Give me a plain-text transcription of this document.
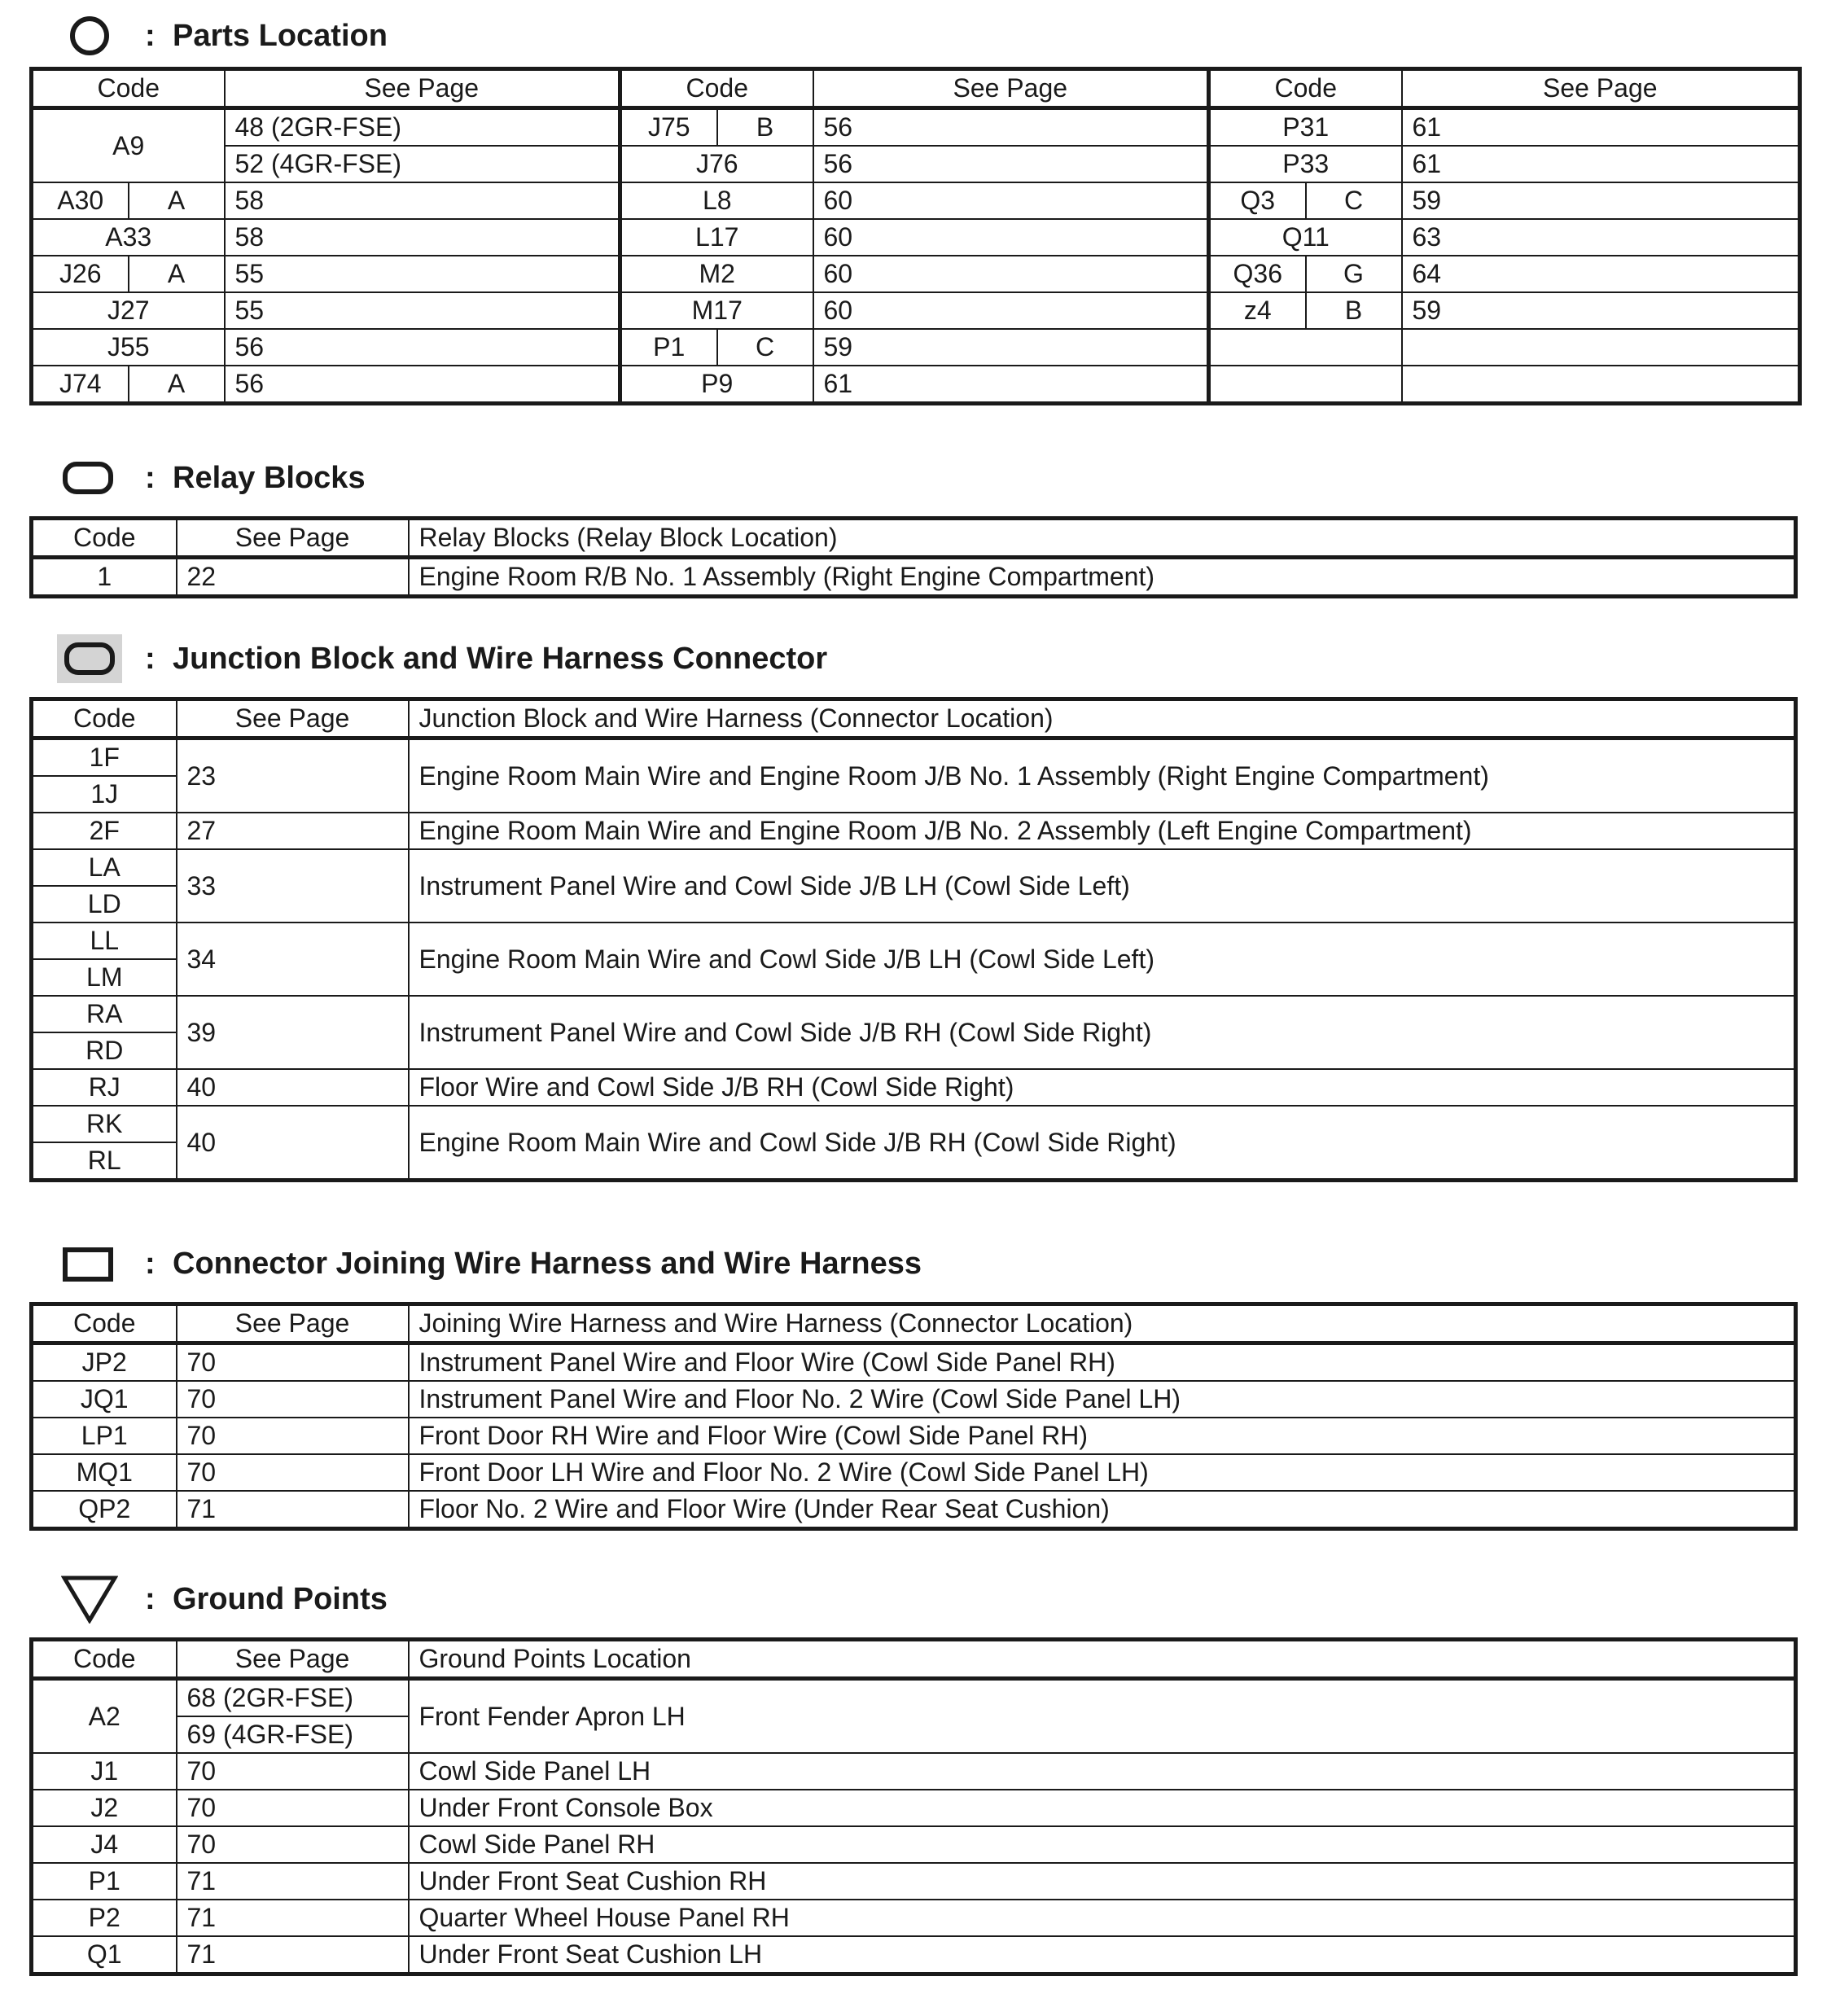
: Parts Location
Code		See Page	Code		See Page	Code		See Page
A9		48 (2GR-FSE)	J75	B	56	P31		61
		52 (4GR-FSE)	J76		56	P33		61
A30	A	58	L8		60	Q3	C	59
A33		58	L17		60	Q11		63
J26	A	55	M2		60	Q36	G	64
J27		55	M17		60	z4	B	59
J55		56	P1	C	59			
J74	A	56	P9		61			
: Relay Blocks
Code	See Page	Relay Blocks (Relay Block Location)
1	22	Engine Room R/B No. 1 Assembly (Right Engine Compartment)
: Junction Block and Wire Harness Connector
Code	See Page	Junction Block and Wire Harness (Connector Location)
1F	23	Engine Room Main Wire and Engine Room J/B No. 1 Assembly (Right Engine Compartment)
1J		
2F	27	Engine Room Main Wire and Engine Room J/B No. 2 Assembly (Left Engine Compartment)
LA	33	Instrument Panel Wire and Cowl Side J/B LH (Cowl Side Left)
LD		
LL	34	Engine Room Main Wire and Cowl Side J/B LH (Cowl Side Left)
LM		
RA	39	Instrument Panel Wire and Cowl Side J/B RH (Cowl Side Right)
RD		
RJ	40	Floor Wire and Cowl Side J/B RH (Cowl Side Right)
RK	40	Engine Room Main Wire and Cowl Side J/B RH (Cowl Side Right)
RL		
: Connector Joining Wire Harness and Wire Harness
Code	See Page	Joining Wire Harness and Wire Harness (Connector Location)
JP2	70	Instrument Panel Wire and Floor Wire (Cowl Side Panel RH)
JQ1	70	Instrument Panel Wire and Floor No. 2 Wire (Cowl Side Panel LH)
LP1	70	Front Door RH Wire and Floor Wire (Cowl Side Panel RH)
MQ1	70	Front Door LH Wire and Floor No. 2 Wire (Cowl Side Panel LH)
QP2	71	Floor No. 2 Wire and Floor Wire (Under Rear Seat Cushion)
: Ground Points
Code	See Page	Ground Points Location
A2	68 (2GR-FSE)	Front Fender Apron LH
	69 (4GR-FSE)	
J1	70	Cowl Side Panel LH
J2	70	Under Front Console Box
J4	70	Cowl Side Panel RH
P1	71	Under Front Seat Cushion RH
P2	71	Quarter Wheel House Panel RH
Q1	71	Under Front Seat Cushion LH
